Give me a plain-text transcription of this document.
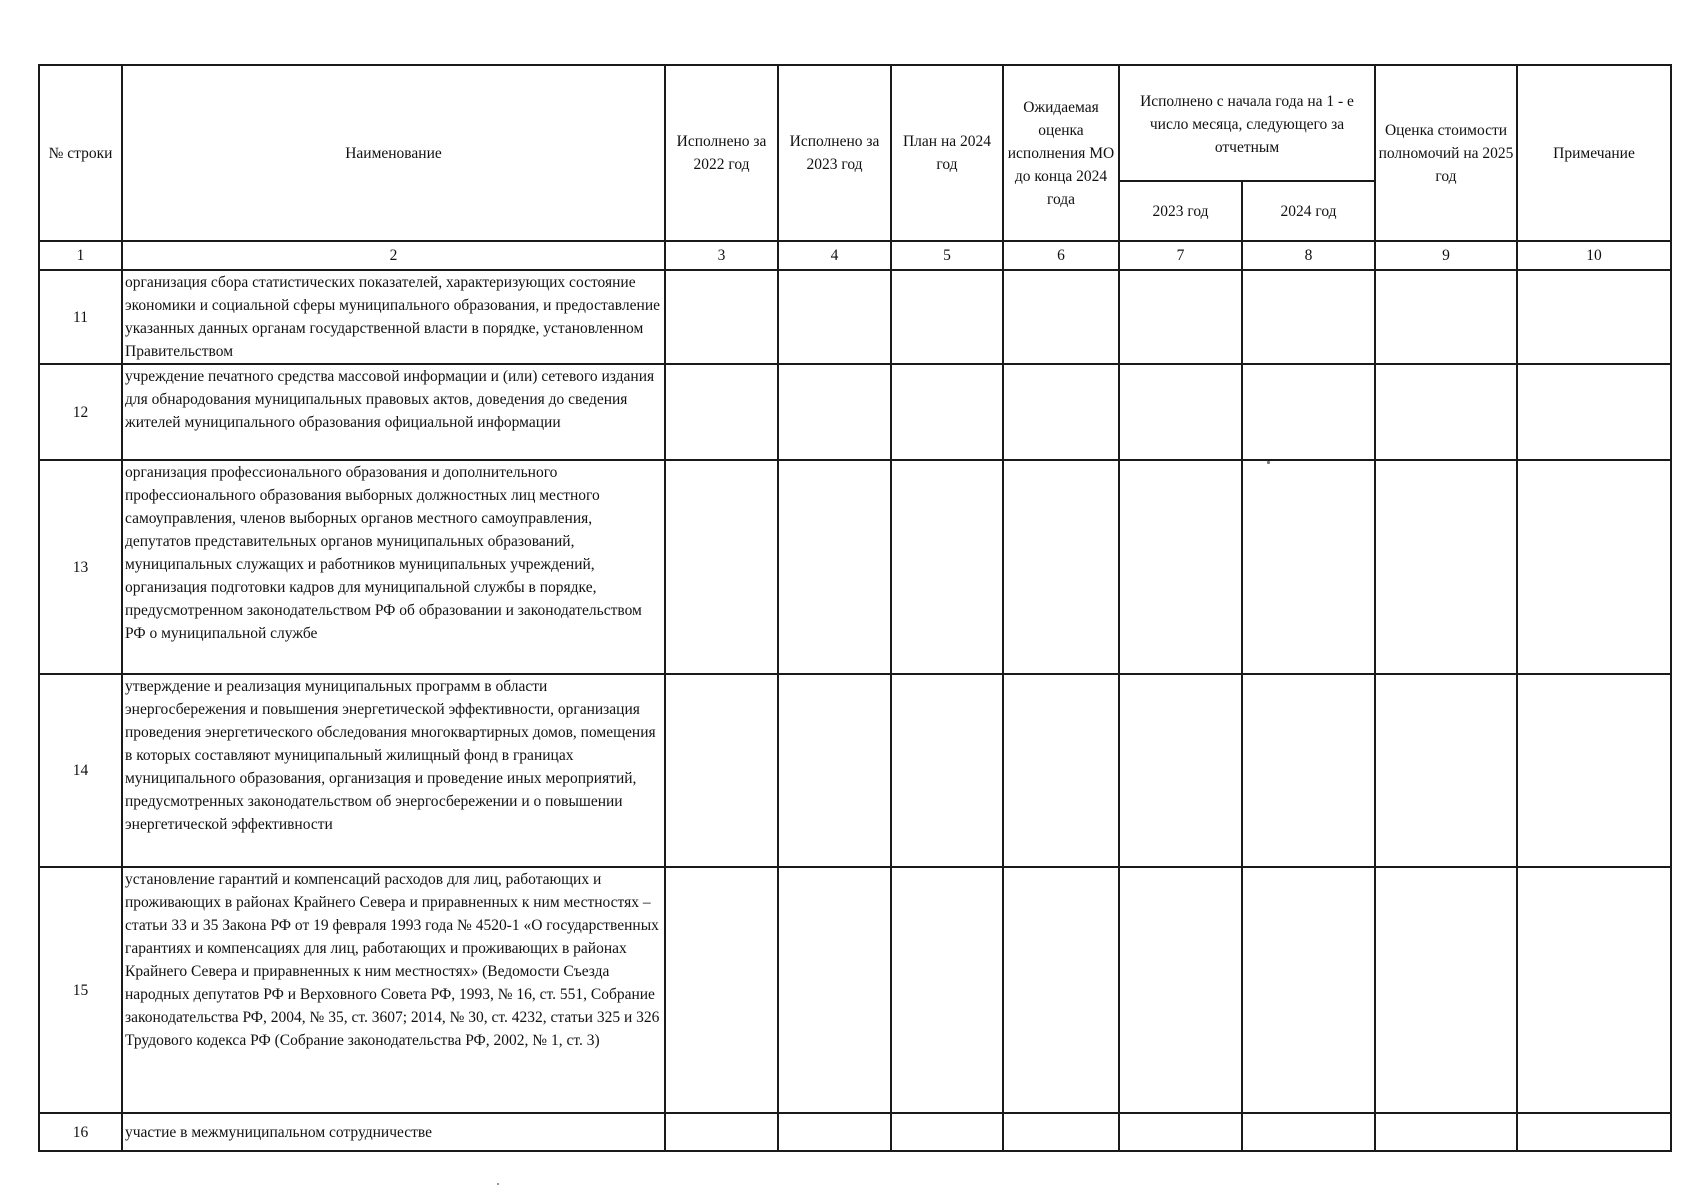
№ строки	Наименование	Исполнено за 2022 год	Исполнено за 2023 год	План на 2024 год	Ожидаемая оценка исполнения МО до конца 2024 года	Исполнено с начала года на 1 - е число месяца, следующего за отчетным		Оценка стоимости полномочий на 2025 год	Примечание
						2023 год	2024 год		
1	2	3	4	5	6	7	8	9	10
11	организация сбора статистических показателей, характеризующих состояние экономики и социальной сферы муниципального образования, и предоставление указанных данных органам государственной власти в порядке, установленном Правительством								
12	учреждение печатного средства массовой информации и (или) сетевого издания для обнародования муниципальных правовых актов, доведения до сведения жителей муниципального образования официальной информации								
13	организация профессионального образования и дополнительного профессионального образования выборных должностных лиц местного самоуправления, членов выборных органов местного самоуправления, депутатов представительных органов муниципальных образований, муниципальных служащих и работников муниципальных учреждений, организация подготовки кадров для муниципальной службы в порядке, предусмотренном законодательством РФ об образовании и законодательством РФ о муниципальной службе								
14	утверждение и реализация муниципальных программ в области энергосбережения и повышения энергетической эффективности, организация проведения энергетического обследования многоквартирных домов, помещения в которых составляют муниципальный жилищный фонд в границах муниципального образования, организация и проведение иных мероприятий, предусмотренных законодательством об энергосбережении и о повышении энергетической эффективности								
15	установление гарантий и компенсаций расходов для лиц, работающих и проживающих в районах Крайнего Севера и приравненных к ним местностях – статьи 33 и 35 Закона РФ от 19 февраля 1993 года № 4520-1 «О государственных гарантиях и компенсациях для лиц, работающих и проживающих в районах Крайнего Севера и приравненных к ним местностях» (Ведомости Съезда народных депутатов РФ и Верховного Совета РФ, 1993, № 16, ст. 551, Собрание законодательства РФ, 2004, № 35, ст. 3607; 2014, № 30, ст. 4232, статьи 325 и 326 Трудового кодекса РФ (Собрание законодательства РФ, 2002, № 1, ст. 3)								
16	участие в межмуниципальном сотрудничестве								
